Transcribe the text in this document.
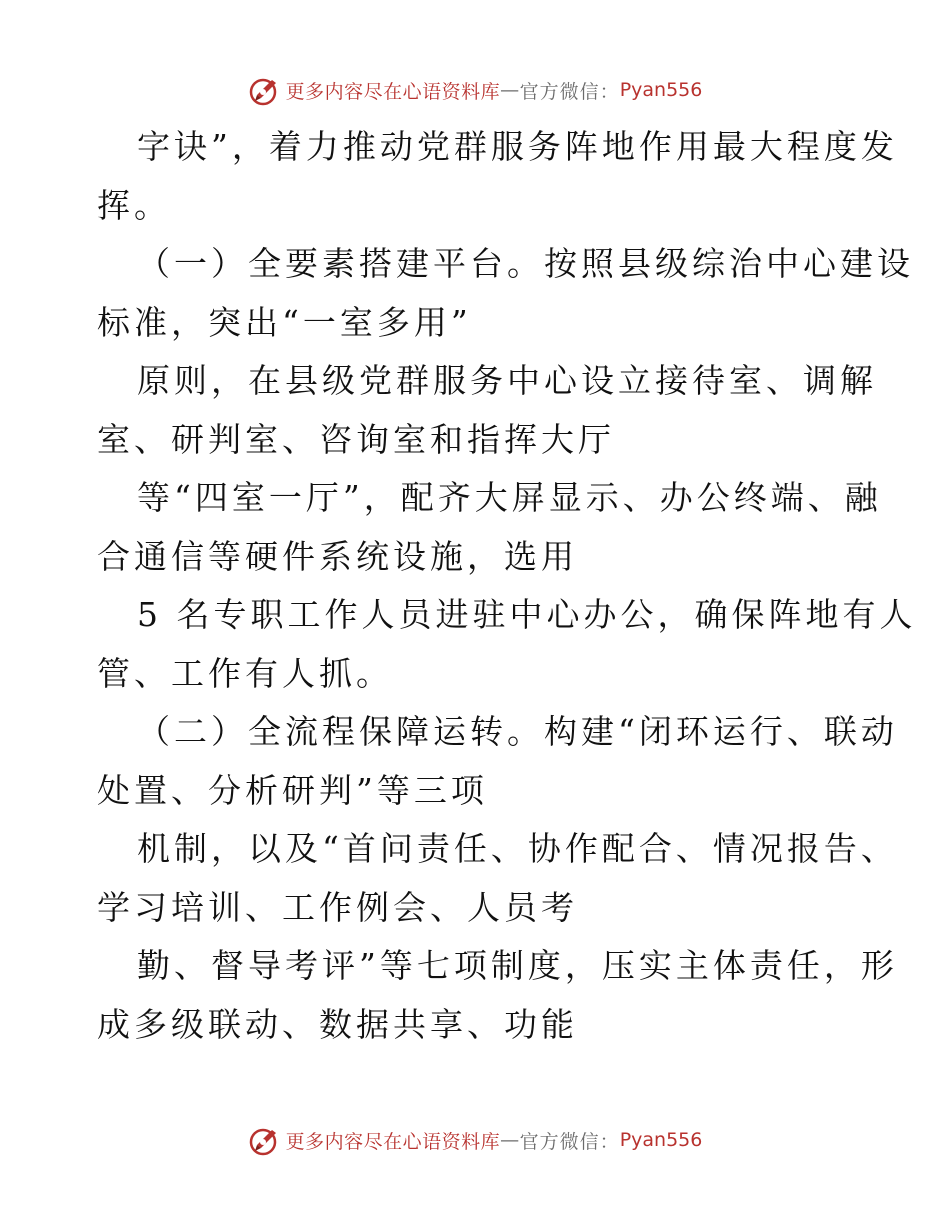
更多内容尽在心语资料库 — 官方微信： Pyan556
字诀”，着力推动党群服务阵地作用最大程度发
挥。
（一）全要素搭建平台。按照县级综治中心建设
标准，突出“一室多用”
原则，在县级党群服务中心设立接待室、调解
室、研判室、咨询室和指挥大厅
等“四室一厅”，配齐大屏显示、办公终端、融
合通信等硬件系统设施，选用
5 名专职工作人员进驻中心办公，确保阵地有人
管、工作有人抓。
（二）全流程保障运转。构建“闭环运行、联动
处置、分析研判”等三项
机制，以及“首问责任、协作配合、情况报告、
学习培训、工作例会、人员考
勤、督导考评”等七项制度，压实主体责任，形
成多级联动、数据共享、功能
更多内容尽在心语资料库 — 官方微信： Pyan556
